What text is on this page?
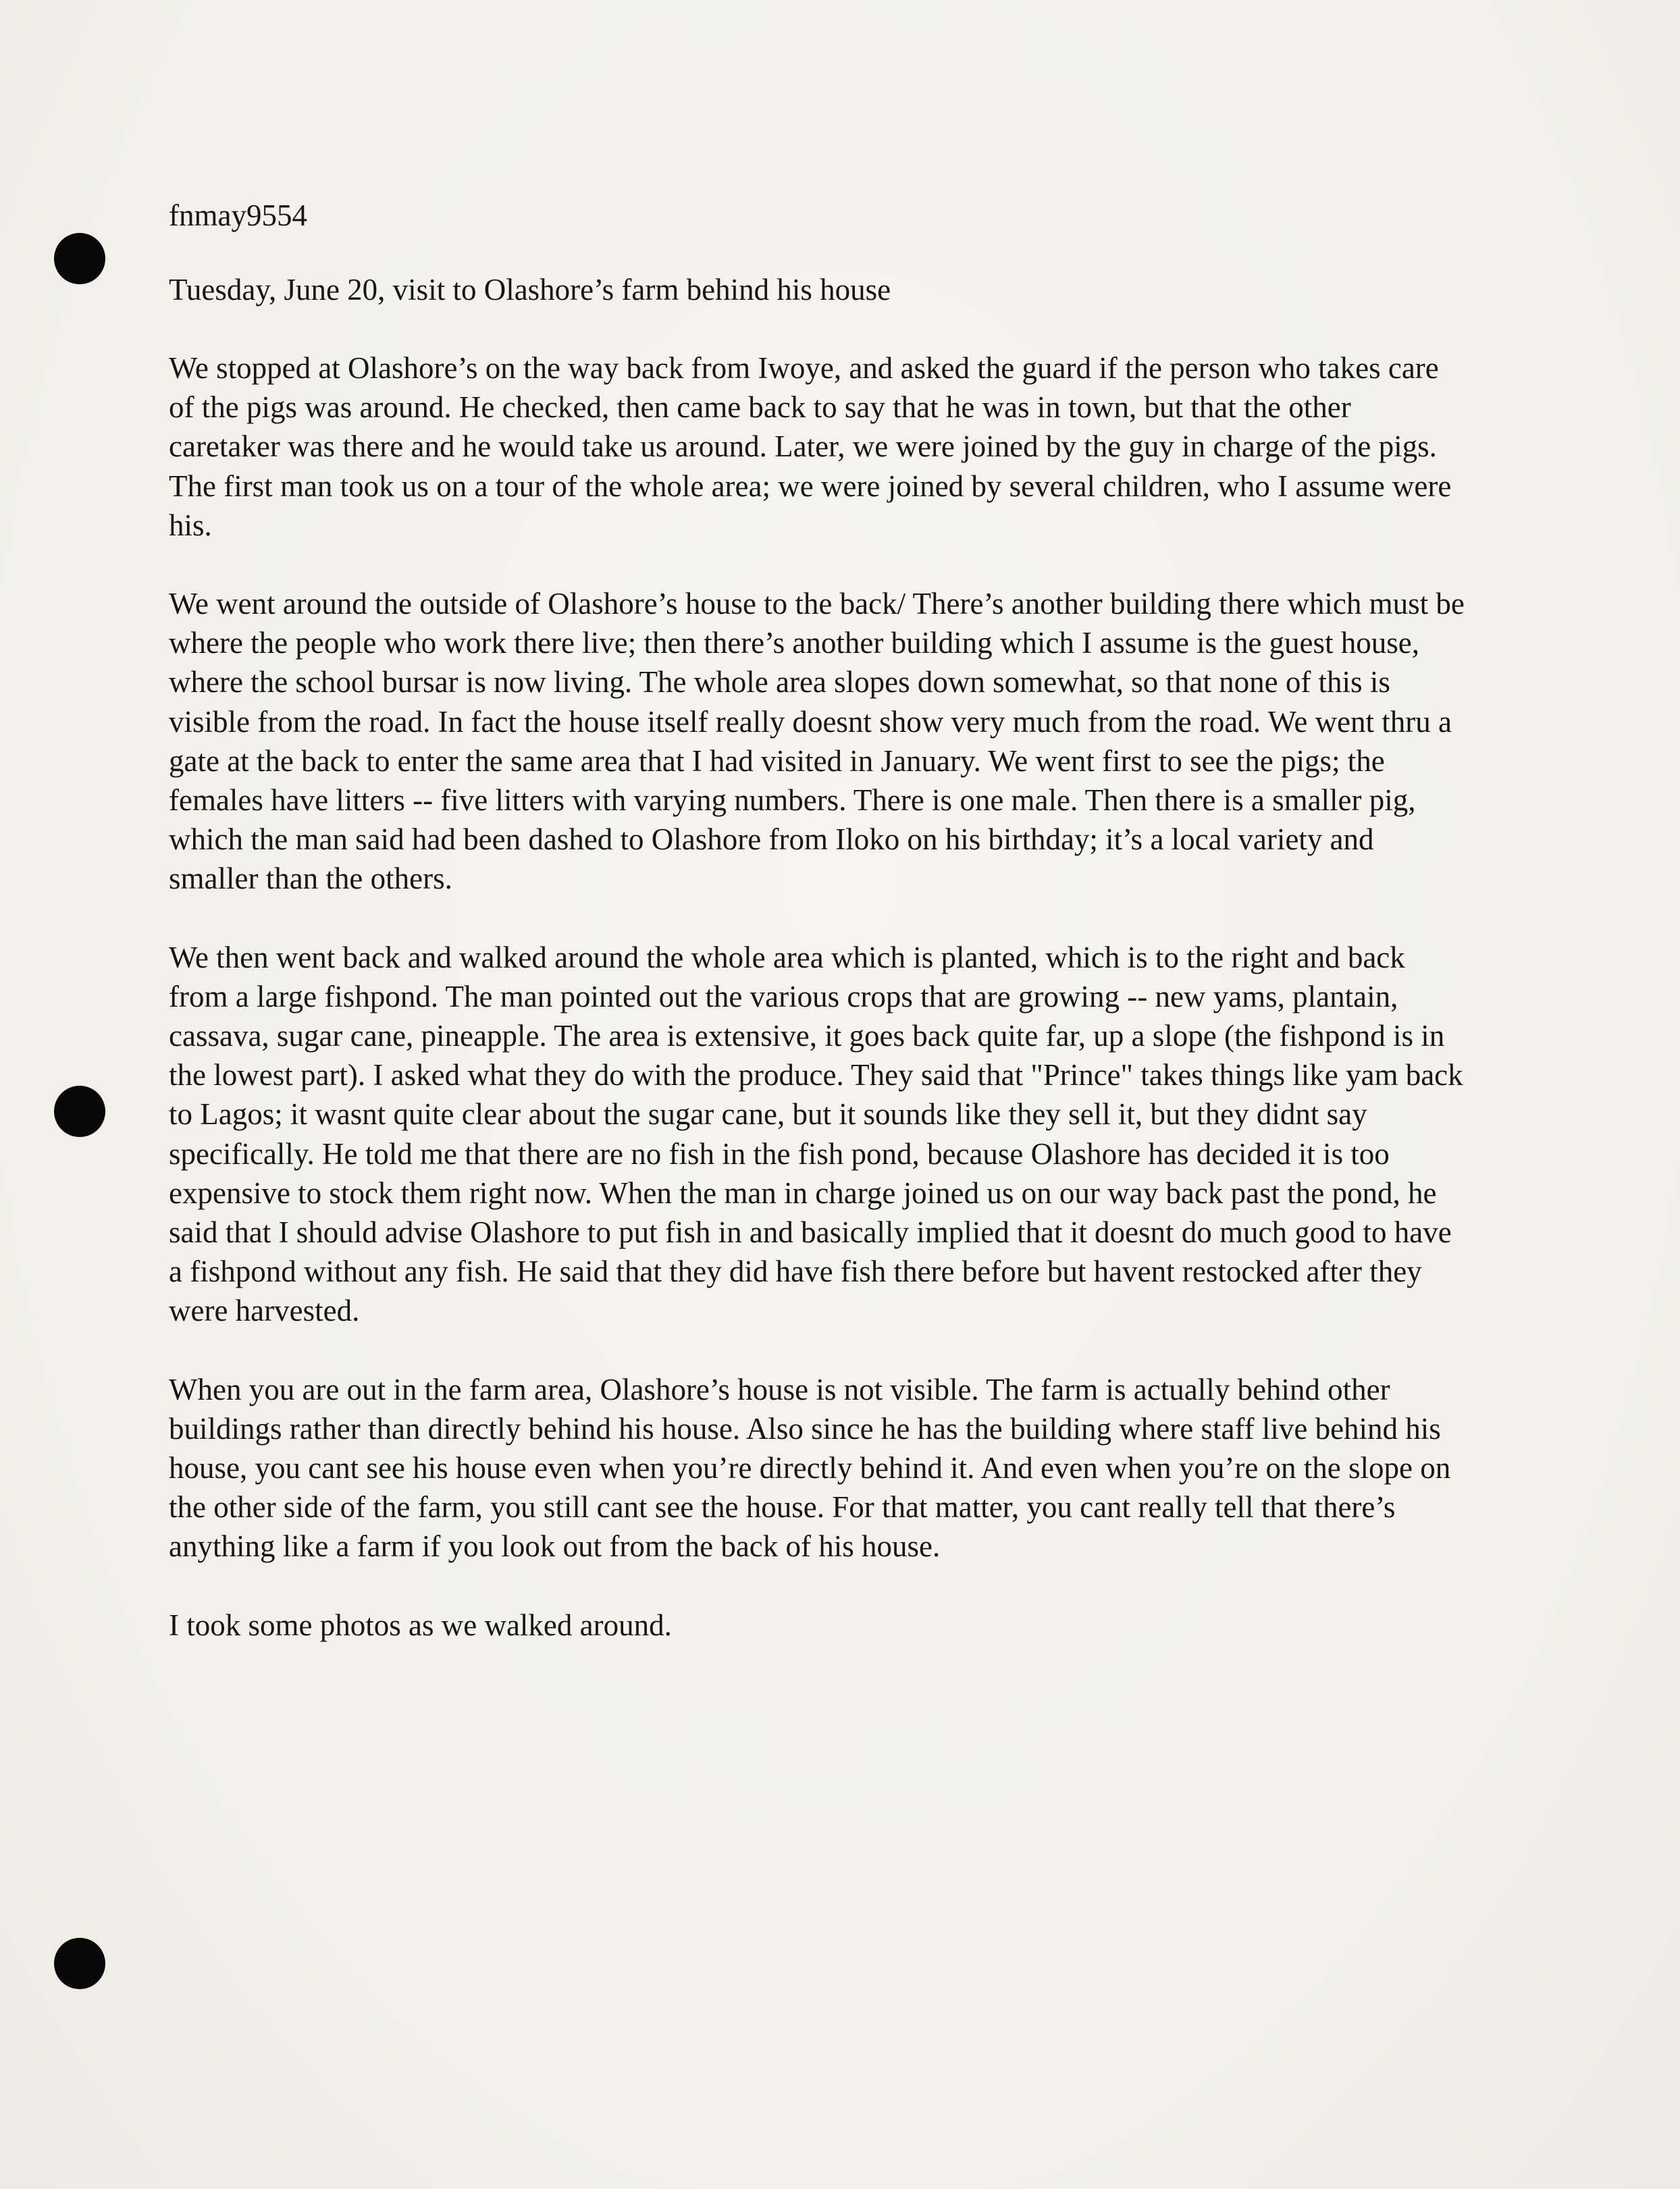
fnmay9554

Tuesday, June 20, visit to Olashore’s farm behind his house

We stopped at Olashore’s on the way back from Iwoye, and asked the guard if the person who takes care of the pigs was around. He checked, then came back to say that he was in town, but that the other caretaker was there and he would take us around. Later, we were joined by the guy in charge of the pigs. The first man took us on a tour of the whole area; we were joined by several children, who I assume were his.

We went around the outside of Olashore’s house to the back/ There’s another building there which must be where the people who work there live; then there’s another building which I assume is the guest house, where the school bursar is now living. The whole area slopes down somewhat, so that none of this is visible from the road. In fact the house itself really doesnt show very much from the road. We went thru a gate at the back to enter the same area that I had visited in January. We went first to see the pigs; the females have litters -- five litters with varying numbers. There is one male. Then there is a smaller pig, which the man said had been dashed to Olashore from Iloko on his birthday; it’s a local variety and smaller than the others.

We then went back and walked around the whole area which is planted, which is to the right and back from a large fishpond. The man pointed out the various crops that are growing -- new yams, plantain, cassava, sugar cane, pineapple. The area is extensive, it goes back quite far, up a slope (the fishpond is in the lowest part). I asked what they do with the produce. They said that "Prince" takes things like yam back to Lagos; it wasnt quite clear about the sugar cane, but it sounds like they sell it, but they didnt say specifically. He told me that there are no fish in the fish pond, because Olashore has decided it is too expensive to stock them right now. When the man in charge joined us on our way back past the pond, he said that I should advise Olashore to put fish in and basically implied that it doesnt do much good to have a fishpond without any fish. He said that they did have fish there before but havent restocked after they were harvested.

When you are out in the farm area, Olashore’s house is not visible. The farm is actually behind other buildings rather than directly behind his house. Also since he has the building where staff live behind his house, you cant see his house even when you’re directly behind it. And even when you’re on the slope on the other side of the farm, you still cant see the house. For that matter, you cant really tell that there’s anything like a farm if you look out from the back of his house.

I took some photos as we walked around.
